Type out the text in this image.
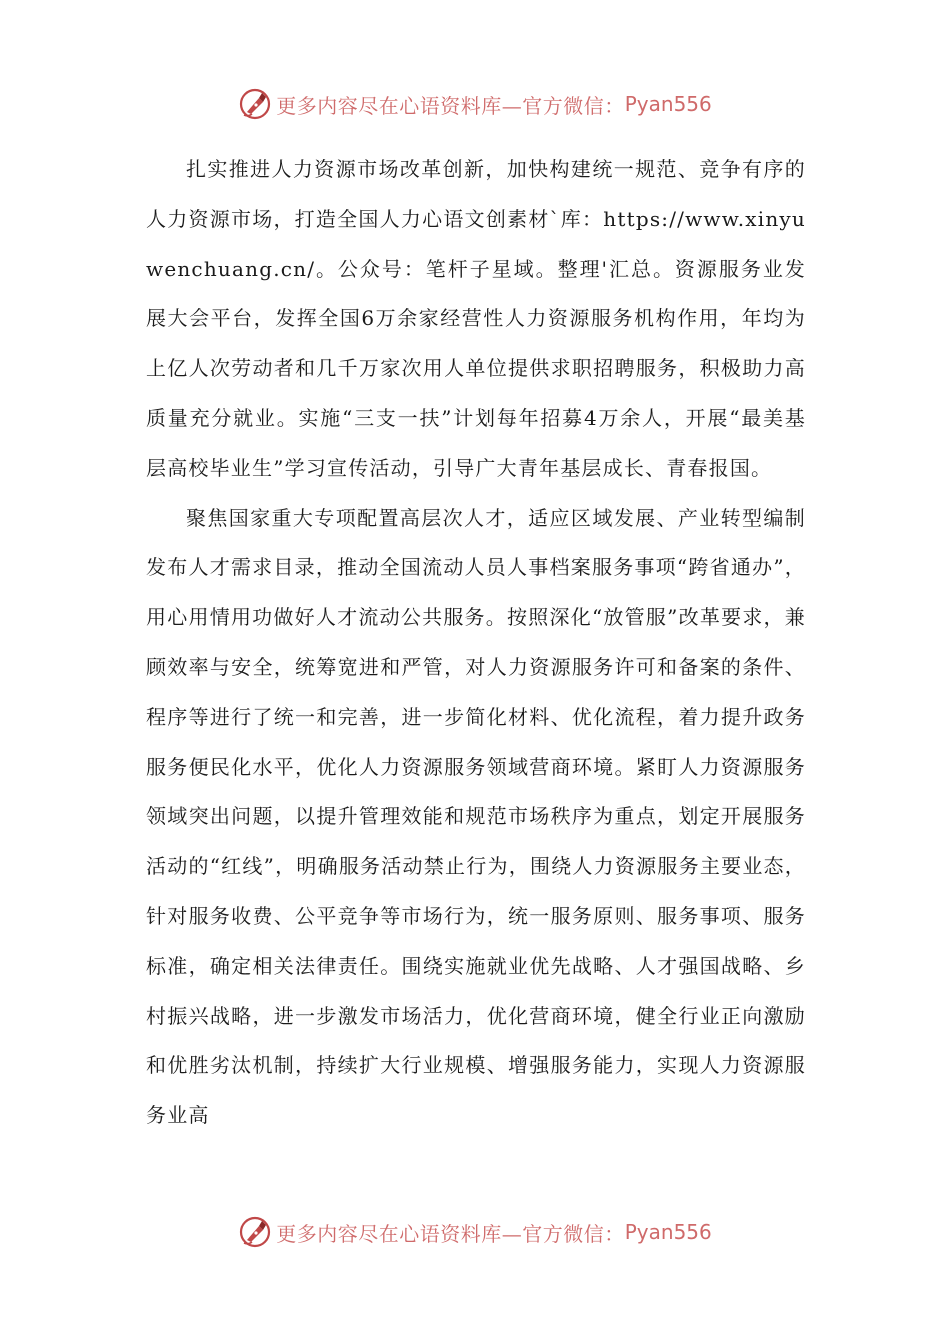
更多内容尽在心语资料库—官方微信： Pyan556

扎实推进人力资源市场改革创新，加快构建统一规范、竞争有序的人力资源市场，打造全国人力心语文创素材`库：https://www.xinyuwenchuang.cn/。公众号：笔杆子星域。整理'汇总。资源服务业发展大会平台，发挥全国6万余家经营性人力资源服务机构作用，年均为上亿人次劳动者和几千万家次用人单位提供求职招聘服务，积极助力高质量充分就业。实施“三支一扶”计划每年招募4万余人，开展“最美基层高校毕业生”学习宣传活动，引导广大青年基层成长、青春报国。

聚焦国家重大专项配置高层次人才，适应区域发展、产业转型编制发布人才需求目录，推动全国流动人员人事档案服务事项“跨省通办”，用心用情用功做好人才流动公共服务。按照深化“放管服”改革要求，兼顾效率与安全，统筹宽进和严管，对人力资源服务许可和备案的条件、程序等进行了统一和完善，进一步简化材料、优化流程，着力提升政务服务便民化水平，优化人力资源服务领域营商环境。紧盯人力资源服务领域突出问题，以提升管理效能和规范市场秩序为重点，划定开展服务活动的“红线”，明确服务活动禁止行为，围绕人力资源服务主要业态，针对服务收费、公平竞争等市场行为，统一服务原则、服务事项、服务标准，确定相关法律责任。围绕实施就业优先战略、人才强国战略、乡村振兴战略，进一步激发市场活力，优化营商环境，健全行业正向激励和优胜劣汰机制，持续扩大行业规模、增强服务能力，实现人力资源服务业高

更多内容尽在心语资料库—官方微信： Pyan556
